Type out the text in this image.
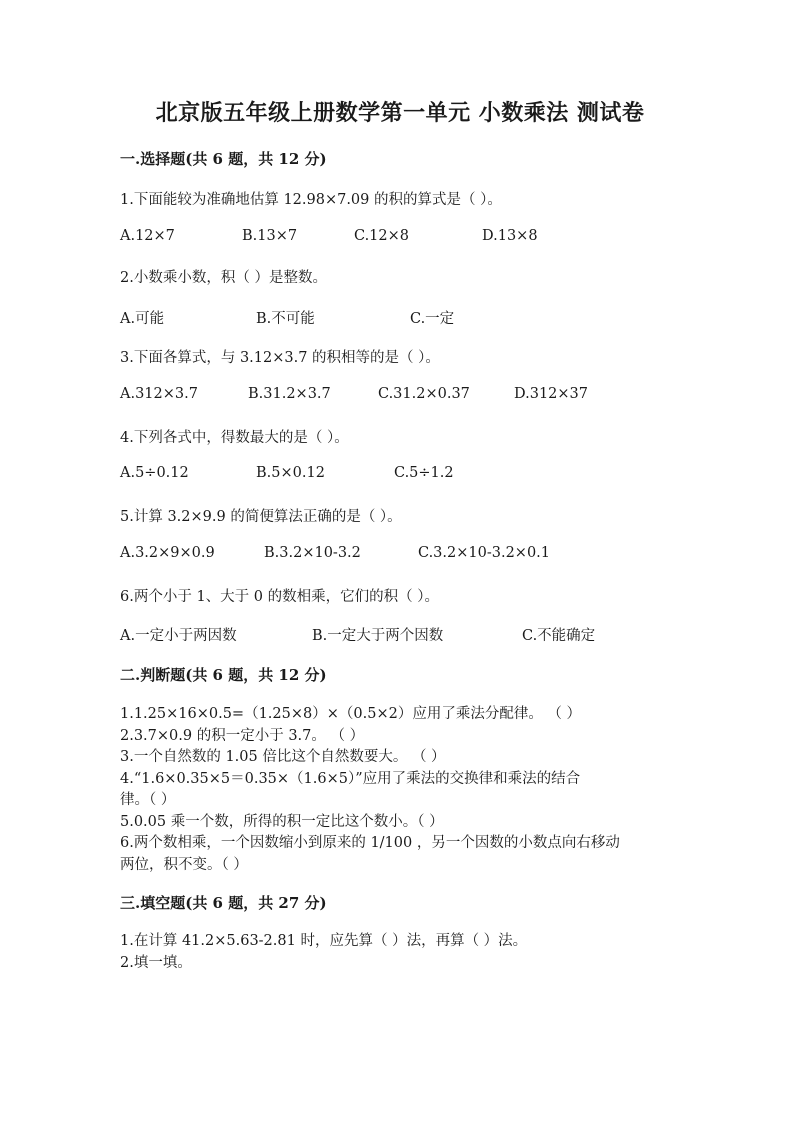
北京版五年级上册数学第一单元 小数乘法 测试卷
一.选择题(共 6 题，共 12 分)
1.下面能较为准确地估算 12.98×7.09 的积的算式是（ ）。
A.12×7	B.13×7	C.12×8	D.13×8
2.小数乘小数，积（ ）是整数。
A.可能	B.不可能	C.一定
3.下面各算式，与 3.12×3.7 的积相等的是（ ）。
A.312×3.7	B.31.2×3.7	C.31.2×0.37	D.312×37
4.下列各式中，得数最大的是（ ）。
A.5÷0.12	B.5×0.12	C.5÷1.2
5.计算 3.2×9.9 的简便算法正确的是（ ）。
A.3.2×9×0.9	B.3.2×10-3.2	C.3.2×10-3.2×0.1
6.两个小于 1、大于 0 的数相乘，它们的积（ ）。
A.一定小于两因数	B.一定大于两个因数	C.不能确定
二.判断题(共 6 题，共 12 分)
1.1.25×16×0.5=（1.25×8）×（0.5×2）应用了乘法分配律。 （ ）
2.3.7×0.9 的积一定小于 3.7。 （ ）
3.一个自然数的 1.05 倍比这个自然数要大。 （ ）
4.“1.6×0.35×5＝0.35×（1.6×5）”应用了乘法的交换律和乘法的结合
律。（ ）
5.0.05 乘一个数，所得的积一定比这个数小。（ ）
6.两个数相乘，一个因数缩小到原来的 1/100 ，另一个因数的小数点向右移动
两位，积不变。（ ）
三.填空题(共 6 题，共 27 分)
1.在计算 41.2×5.63-2.81 时，应先算（ ）法，再算（ ）法。
2.填一填。
